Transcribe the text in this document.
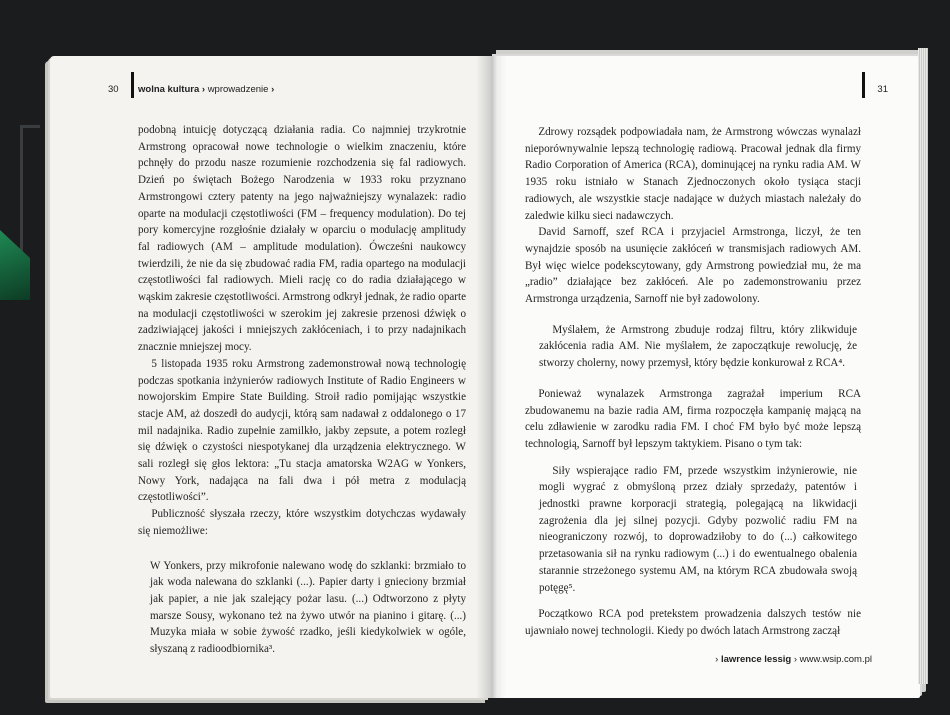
30 wolna kultura › wprowadzenie ›	31

podobną intuicję dotyczącą działania radia. Co najmniej trzykrotnie Armstrong opracował nowe technologie o wielkim znaczeniu, które pchnęły do przodu nasze rozumienie rozchodzenia się fal radiowych. Dzień po świętach Bożego Narodzenia w 1933 roku przyznano Armstrongowi cztery patenty na jego najważniejszy wynalazek: radio oparte na modulacji częstotliwości (FM – frequency modulation). Do tej pory komercyjne rozgłośnie działały w oparciu o modulację amplitudy fal radiowych (AM – amplitude modulation). Ówcześni naukowcy twierdzili, że nie da się zbudować radia FM, radia opartego na modulacji częstotliwości fal radiowych. Mieli rację co do radia działającego w wąskim zakresie częstotliwości. Armstrong odkrył jednak, że radio oparte na modulacji częstotliwości w szerokim jej zakresie przenosi dźwięk o zadziwiającej jakości i mniejszych zakłóceniach, i to przy nadajnikach znacznie mniejszej mocy.

5 listopada 1935 roku Armstrong zademonstrował nową technologię podczas spotkania inżynierów radiowych Institute of Radio Engineers w nowojorskim Empire State Building. Stroił radio pomijając wszystkie stacje AM, aż doszedł do audycji, którą sam nadawał z oddalonego o 17 mil nadajnika. Radio zupełnie zamilkło, jakby zepsute, a potem rozległ się dźwięk o czystości niespotykanej dla urządzenia elektrycznego. W sali rozległ się głos lektora: „Tu stacja amatorska W2AG w Yonkers, Nowy York, nadająca na fali dwa i pół metra z modulacją częstotliwości”.

Publiczność słyszała rzeczy, które wszystkim dotychczas wydawały się niemożliwe:

W Yonkers, przy mikrofonie nalewano wodę do szklanki: brzmiało to jak woda nalewana do szklanki (...). Papier darty i gnieciony brzmiał jak papier, a nie jak szalejący pożar lasu. (...) Odtworzono z płyty marsze Sousy, wykonano też na żywo utwór na pianino i gitarę. (...) Muzyka miała w sobie żywość rzadko, jeśli kiedykolwiek w ogóle, słyszaną z radioodbiornika³.

Zdrowy rozsądek podpowiadała nam, że Armstrong wówczas wynalazł nieporównywalnie lepszą technologię radiową. Pracował jednak dla firmy Radio Corporation of America (RCA), dominującej na rynku radia AM. W 1935 roku istniało w Stanach Zjednoczonych około tysiąca stacji radiowych, ale wszystkie stacje nadające w dużych miastach należały do zaledwie kilku sieci nadawczych.

David Sarnoff, szef RCA i przyjaciel Armstronga, liczył, że ten wynajdzie sposób na usunięcie zakłóceń w transmisjach radiowych AM. Był więc wielce podekscytowany, gdy Armstrong powiedział mu, że ma „radio” działające bez zakłóceń. Ale po zademonstrowaniu przez Armstronga urządzenia, Sarnoff nie był zadowolony.

Myślałem, że Armstrong zbuduje rodzaj filtru, który zlikwiduje zakłócenia radia AM. Nie myślałem, że zapoczątkuje rewolucję, że stworzy cholerny, nowy przemysł, który będzie konkurował z RCA⁴.

Ponieważ wynalazek Armstronga zagrażał imperium RCA zbudowanemu na bazie radia AM, firma rozpoczęła kampanię mającą na celu zdławienie w zarodku radia FM. I choć FM było być może lepszą technologią, Sarnoff był lepszym taktykiem. Pisano o tym tak:

Siły wspierające radio FM, przede wszystkim inżynierowie, nie mogli wygrać z obmyśloną przez działy sprzedaży, patentów i jednostki prawne korporacji strategią, polegającą na likwidacji zagrożenia dla jej silnej pozycji. Gdyby pozwolić radiu FM na nieograniczony rozwój, to doprowadziłoby to do (...) całkowitego przetasowania sił na rynku radiowym (...) i do ewentualnego obalenia starannie strzeżonego systemu AM, na którym RCA zbudowała swoją potęgę⁵.

Początkowo RCA pod pretekstem prowadzenia dalszych testów nie ujawniało nowej technologii. Kiedy po dwóch latach Armstrong zaczął

› lawrence lessig › www.wsip.com.pl
